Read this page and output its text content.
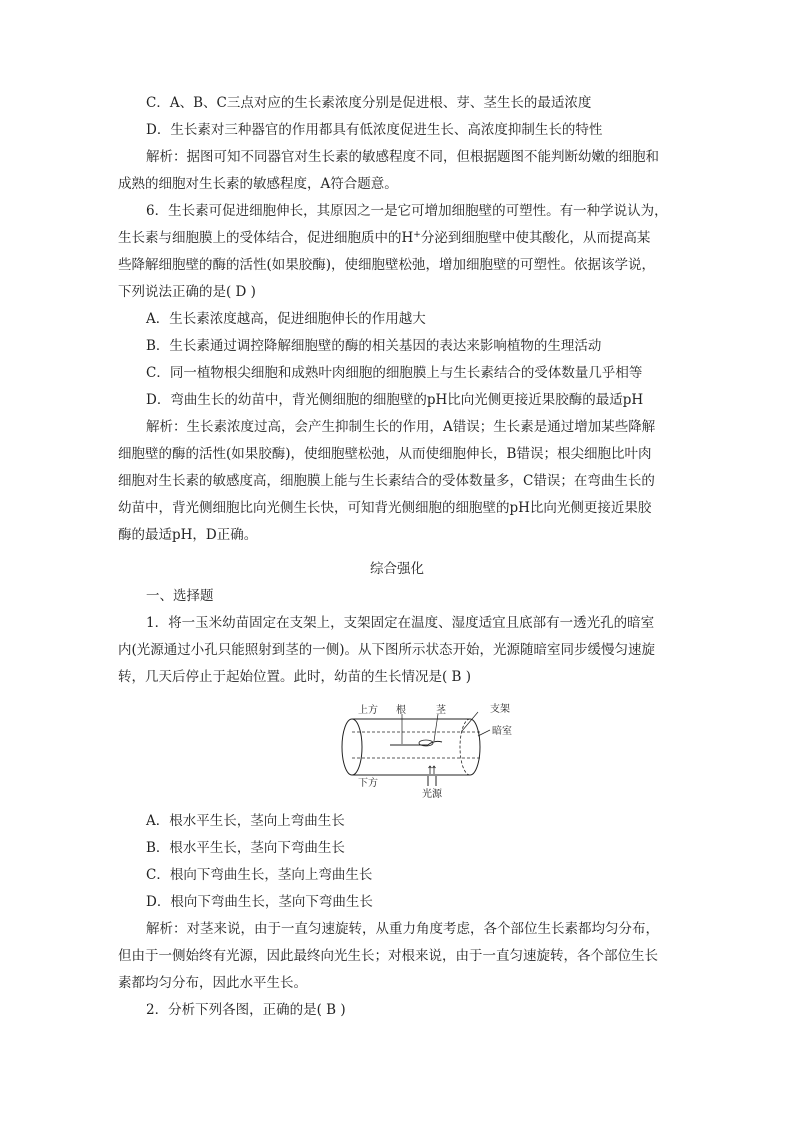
C．A、B、C三点对应的生长素浓度分别是促进根、芽、茎生长的最适浓度
D．生长素对三种器官的作用都具有低浓度促进生长、高浓度抑制生长的特性
解析：据图可知不同器官对生长素的敏感程度不同，但根据题图不能判断幼嫩的细胞和
成熟的细胞对生长素的敏感程度，A符合题意。
6．生长素可促进细胞伸长，其原因之一是它可增加细胞壁的可塑性。有一种学说认为，
生长素与细胞膜上的受体结合，促进细胞质中的H+分泌到细胞壁中使其酸化，从而提高某
些降解细胞壁的酶的活性(如果胶酶)，使细胞壁松弛，增加细胞壁的可塑性。依据该学说，
下列说法正确的是( D )
A．生长素浓度越高，促进细胞伸长的作用越大
B．生长素通过调控降解细胞壁的酶的相关基因的表达来影响植物的生理活动
C．同一植物根尖细胞和成熟叶肉细胞的细胞膜上与生长素结合的受体数量几乎相等
D．弯曲生长的幼苗中，背光侧细胞的细胞壁的pH比向光侧更接近果胶酶的最适pH
解析：生长素浓度过高，会产生抑制生长的作用，A错误；生长素是通过增加某些降解
细胞壁的酶的活性(如果胶酶)，使细胞壁松弛，从而使细胞伸长，B错误；根尖细胞比叶肉
细胞对生长素的敏感度高，细胞膜上能与生长素结合的受体数量多，C错误；在弯曲生长的
幼苗中，背光侧细胞比向光侧生长快，可知背光侧细胞的细胞壁的pH比向光侧更接近果胶
酶的最适pH，D正确。
综合强化
一、选择题
1．将一玉米幼苗固定在支架上，支架固定在温度、湿度适宜且底部有一透光孔的暗室
内(光源通过小孔只能照射到茎的一侧)。从下图所示状态开始，光源随暗室同步缓慢匀速旋
转，几天后停止于起始位置。此时，幼苗的生长情况是( B )
上方 根	茎	支架
暗室
下方
光源
A．根水平生长，茎向上弯曲生长
B．根水平生长，茎向下弯曲生长
C．根向下弯曲生长，茎向上弯曲生长
D．根向下弯曲生长，茎向下弯曲生长
解析：对茎来说，由于一直匀速旋转，从重力角度考虑，各个部位生长素都均匀分布，
但由于一侧始终有光源，因此最终向光生长；对根来说，由于一直匀速旋转，各个部位生长
素都均匀分布，因此水平生长。
2．分析下列各图，正确的是( B )
